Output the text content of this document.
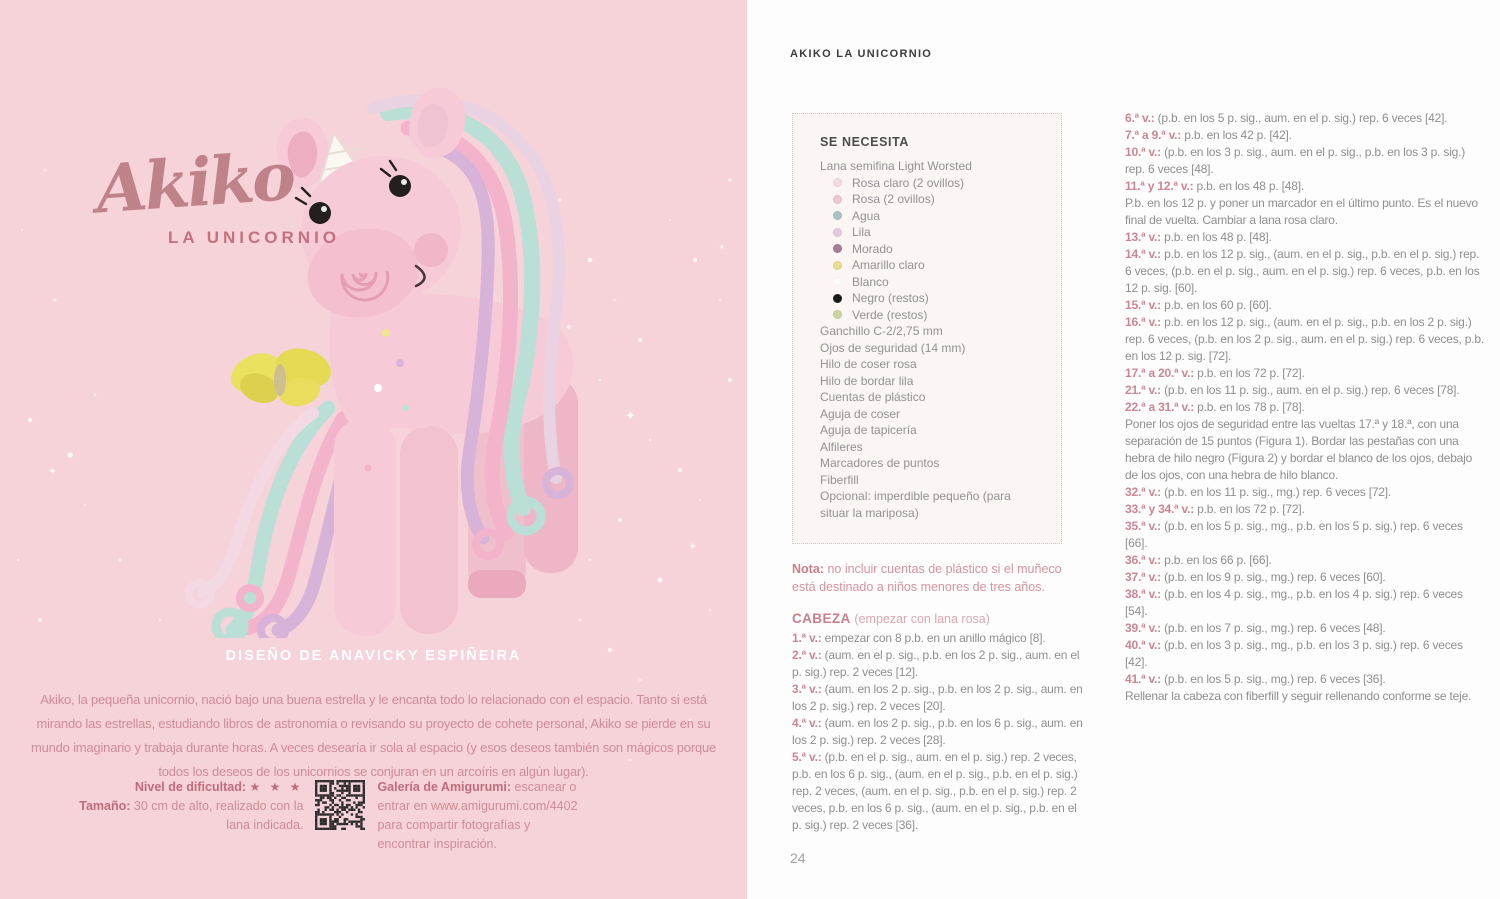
✦
✦
✦
✦
✦
Akiko
LA UNICORNIO
DISEÑO DE ANAVICKY ESPIÑEIRA
Akiko, la pequeña unicornio, nació bajo una buena estrella y le encanta todo lo relacionado con el espacio. Tanto si está mirando las estrellas, estudiando libros de astronomía o revisando su proyecto de cohete personal, Akiko se pierde en su mundo imaginario y trabaja durante horas. A veces desearía ir sola al espacio (y esos deseos también son mágicos porque todos los deseos de los unicornios se conjuran en un arcoíris en algún lugar).
Nivel de dificultad: ★ ★ ★
Tamaño: 30 cm de alto, realizado con la lana indicada.
Galería de Amigurumi: escanear o entrar en www.amigurumi.com/4402 para compartir fotografías y encontrar inspiración.
AKIKO LA UNICORNIO

SE NECESITA

Lana semifina Light Worsted

Rosa claro (2 ovillos)
Rosa (2 ovillos)
Agua
Lila
Morado
Amarillo claro
Blanco
Negro (restos)
Verde (restos)
Ganchillo C-2/2,75 mm
Ojos de seguridad (14 mm)
Hilo de coser rosa
Hilo de bordar lila
Cuentas de plástico
Aguja de coser
Aguja de tapicería
Alfileres
Marcadores de puntos
Fiberfill
Opcional: imperdible pequeño (para situar la mariposa)

Nota: no incluir cuentas de plástico si el muñeco está destinado a niños menores de tres años.

CABEZA (empezar con lana rosa)

1.ª v.: empezar con 8 p.b. en un anillo mágico [8].

2.ª v.: (aum. en el p. sig., p.b. en los 2 p. sig., aum. en el p. sig.) rep. 2 veces [12].

3.ª v.: (aum. en los 2 p. sig., p.b. en los 2 p. sig., aum. en los 2 p. sig.) rep. 2 veces [20].

4.ª v.: (aum. en los 2 p. sig., p.b. en los 6 p. sig., aum. en los 2 p. sig.) rep. 2 veces [28].

5.ª v.: (p.b. en el p. sig., aum. en el p. sig.) rep. 2 veces, p.b. en los 6 p. sig., (aum. en el p. sig., p.b. en el p. sig.) rep. 2 veces, (aum. en el p. sig., p.b. en el p. sig.) rep. 2 veces, p.b. en los 6 p. sig., (aum. en el p. sig., p.b. en el p. sig.) rep. 2 veces [36].

6.ª v.: (p.b. en los 5 p. sig., aum. en el p. sig.) rep. 6 veces [42].

7.ª a 9.ª v.: p.b. en los 42 p. [42].

10.ª v.: (p.b. en los 3 p. sig., aum. en el p. sig., p.b. en los 3 p. sig.) rep. 6 veces [48].

11.ª y 12.ª v.: p.b. en los 48 p. [48].

P.b. en los 12 p. y poner un marcador en el último punto. Es el nuevo final de vuelta. Cambiar a lana rosa claro.

13.ª v.: p.b. en los 48 p. [48].

14.ª v.: p.b. en los 12 p. sig., (aum. en el p. sig., p.b. en el p. sig.) rep. 6 veces, (p.b. en el p. sig., aum. en el p. sig.) rep. 6 veces, p.b. en los 12 p. sig. [60].

15.ª v.: p.b. en los 60 p. [60].

16.ª v.: p.b. en los 12 p. sig., (aum. en el p. sig., p.b. en los 2 p. sig.) rep. 6 veces, (p.b. en los 2 p. sig., aum. en el p. sig.) rep. 6 veces, p.b. en los 12 p. sig. [72].

17.ª a 20.ª v.: p.b. en los 72 p. [72].

21.ª v.: (p.b. en los 11 p. sig., aum. en el p. sig.) rep. 6 veces [78].

22.ª a 31.ª v.: p.b. en los 78 p. [78].

Poner los ojos de seguridad entre las vueltas 17.ª y 18.ª, con una separación de 15 puntos (Figura 1). Bordar las pestañas con una hebra de hilo negro (Figura 2) y bordar el blanco de los ojos, debajo de los ojos, con una hebra de hilo blanco.

32.ª v.: (p.b. en los 11 p. sig., mg.) rep. 6 veces [72].

33.ª y 34.ª v.: p.b. en los 72 p. [72].

35.ª v.: (p.b. en los 5 p. sig., mg., p.b. en los 5 p. sig.) rep. 6 veces [66].

36.ª v.: p.b. en los 66 p. [66].

37.ª v.: (p.b. en los 9 p. sig., mg.) rep. 6 veces [60].

38.ª v.: (p.b. en los 4 p. sig., mg., p.b. en los 4 p. sig.) rep. 6 veces [54].

39.ª v.: (p.b. en los 7 p. sig., mg.) rep. 6 veces [48].

40.ª v.: (p.b. en los 3 p. sig., mg., p.b. en los 3 p. sig.) rep. 6 veces [42].

41.ª v.: (p.b. en los 5 p. sig., mg.) rep. 6 veces [36].

Rellenar la cabeza con fiberfill y seguir rellenando conforme se teje.

24
